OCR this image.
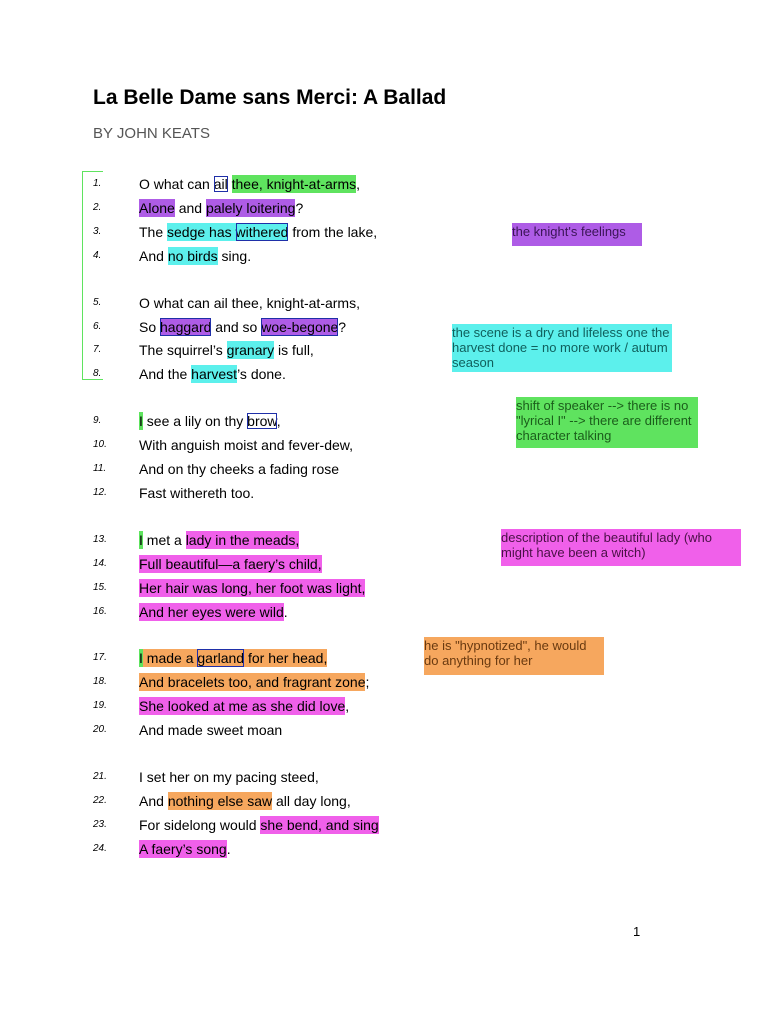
La Belle Dame sans Merci: A Ballad
BY JOHN KEATS
1.	O what can ail thee, knight-at-arms,
2.	Alone and palely loitering?
3.	The sedge has withered from the lake,
4.	And no birds sing.
5.	O what can ail thee, knight-at-arms,
6.	So haggard and so woe-begone?
7.	The squirrel’s granary is full,
8.	And the harvest’s done.
9.	I see a lily on thy brow,
10.	With anguish moist and fever-dew,
11.	And on thy cheeks a fading rose
12.	Fast withereth too.
13.	I met a lady in the meads,
14.	Full beautiful—a faery’s child,
15.	Her hair was long, her foot was light,
16.	And her eyes were wild.
17.	I made a garland for her head,
18.	And bracelets too, and fragrant zone;
19.	She looked at me as she did love,
20.	And made sweet moan
21.	I set her on my pacing steed,
22.	And nothing else saw all day long,
23.	For sidelong would she bend, and sing
24.	A faery’s song.
the knight's feelings
the scene is a dry and lifeless one the harvest done = no more work / autum season
shift of speaker --> there is no "lyrical I" --> there are different character talking
description of the beautiful lady (who might have been a witch)
he is "hypnotized", he would do anything for her
1
